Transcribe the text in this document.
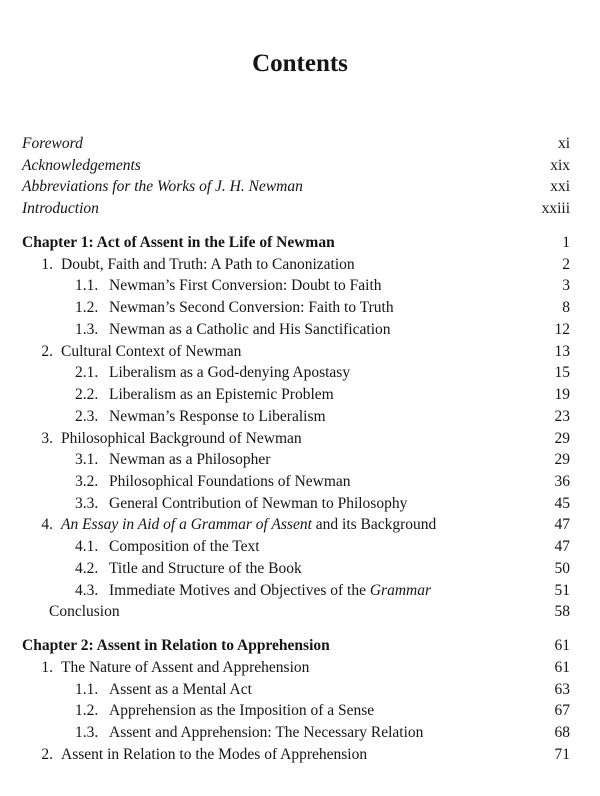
Contents
Foreword	xi
Acknowledgements	xix
Abbreviations for the Works of J. H. Newman	xxi
Introduction	xxiii
Chapter 1: Act of Assent in the Life of Newman	1
1. Doubt, Faith and Truth: A Path to Canonization	2
1.1. Newman’s First Conversion: Doubt to Faith	3
1.2. Newman’s Second Conversion: Faith to Truth	8
1.3. Newman as a Catholic and His Sanctification	12
2. Cultural Context of Newman	13
2.1. Liberalism as a God-denying Apostasy	15
2.2. Liberalism as an Epistemic Problem	19
2.3. Newman’s Response to Liberalism	23
3. Philosophical Background of Newman	29
3.1. Newman as a Philosopher	29
3.2. Philosophical Foundations of Newman	36
3.3. General Contribution of Newman to Philosophy	45
4. An Essay in Aid of a Grammar of Assent and its Background	47
4.1. Composition of the Text	47
4.2. Title and Structure of the Book	50
4.3. Immediate Motives and Objectives of the Grammar	51
Conclusion	58
Chapter 2: Assent in Relation to Apprehension	61
1. The Nature of Assent and Apprehension	61
1.1. Assent as a Mental Act	63
1.2. Apprehension as the Imposition of a Sense	67
1.3. Assent and Apprehension: The Necessary Relation	68
2. Assent in Relation to the Modes of Apprehension	71
